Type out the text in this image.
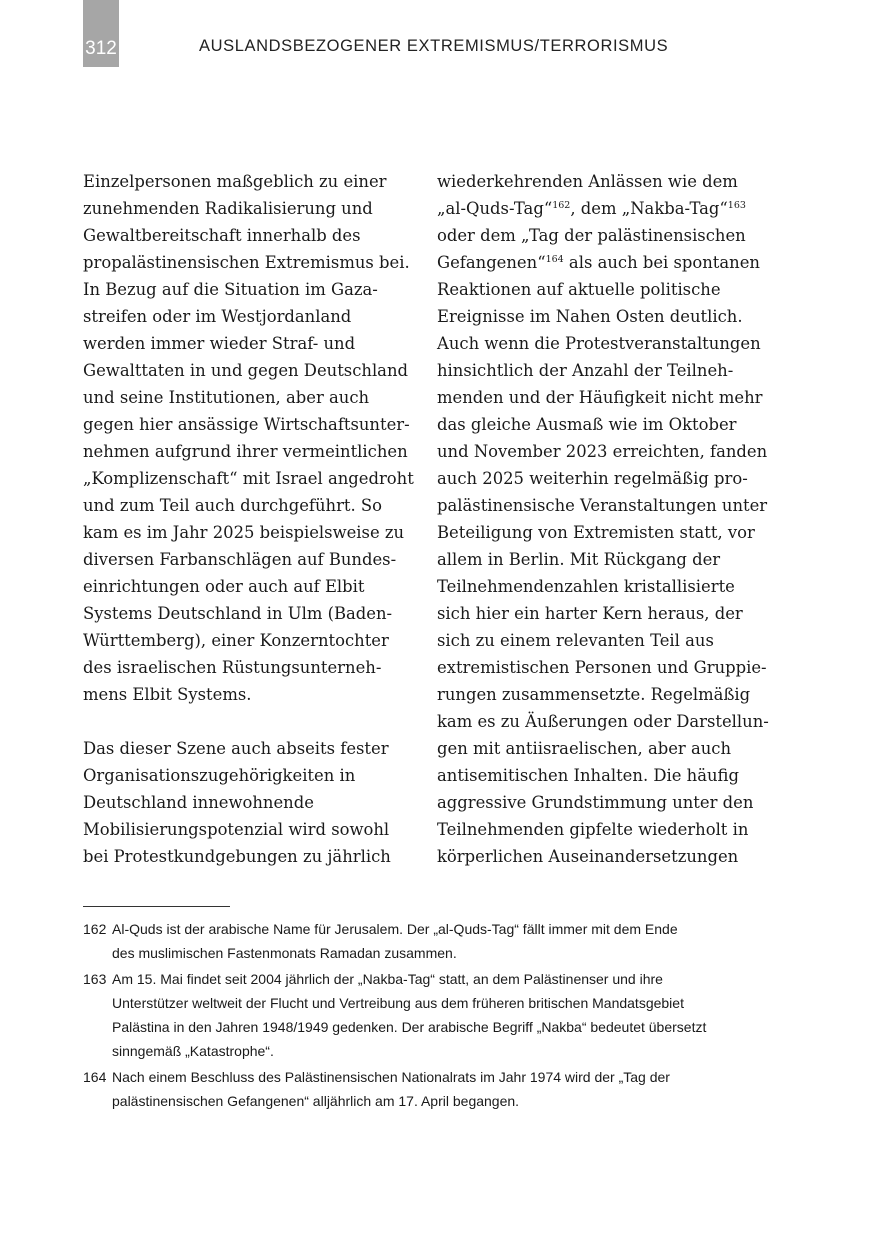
312	AUSLANDSBEZOGENER EXTREMISMUS/TERRORISMUS
Einzelpersonen maßgeblich zu einer
zunehmenden Radikalisierung und
Gewaltbereitschaft innerhalb des
propalästinensischen Extremismus bei.
In Bezug auf die Situation im Gaza-
streifen oder im Westjordanland
werden immer wieder Straf- und
Gewalttaten in und gegen Deutschland
und seine Institutionen, aber auch
gegen hier ansässige Wirtschaftsunter-
nehmen aufgrund ihrer vermeintlichen
„Komplizenschaft“ mit Israel angedroht
und zum Teil auch durchgeführt. So
kam es im Jahr 2025 beispielsweise zu
diversen Farbanschlägen auf Bundes-
einrichtungen oder auch auf Elbit
Systems Deutschland in Ulm (Baden-
Württemberg), einer Konzerntochter
des israelischen Rüstungsunterneh-
mens Elbit Systems.
Das dieser Szene auch abseits fester
Organisationszugehörigkeiten in
Deutschland innewohnende
Mobilisierungspotenzial wird sowohl
bei Protestkundgebungen zu jährlich
wiederkehrenden Anlässen wie dem
„al-Quds-Tag“$^{162}$, dem „Nakba-Tag“$^{163}$
oder dem „Tag der palästinensischen
Gefangenen“$^{164}$ als auch bei spontanen
Reaktionen auf aktuelle politische
Ereignisse im Nahen Osten deutlich.
Auch wenn die Protestveranstaltungen
hinsichtlich der Anzahl der Teilneh-
menden und der Häufigkeit nicht mehr
das gleiche Ausmaß wie im Oktober
und November 2023 erreichten, fanden
auch 2025 weiterhin regelmäßig pro-
palästinensische Veranstaltungen unter
Beteiligung von Extremisten statt, vor
allem in Berlin. Mit Rückgang der
Teilnehmendenzahlen kristallisierte
sich hier ein harter Kern heraus, der
sich zu einem relevanten Teil aus
extremistischen Personen und Gruppie-
rungen zusammensetzte. Regelmäßig
kam es zu Äußerungen oder Darstellun-
gen mit antiisraelischen, aber auch
antisemitischen Inhalten. Die häufig
aggressive Grundstimmung unter den
Teilnehmenden gipfelte wiederholt in
körperlichen Auseinandersetzungen
162 Al-Quds ist der arabische Name für Jerusalem. Der „al-Quds-Tag“ fällt immer mit dem Ende
des muslimischen Fastenmonats Ramadan zusammen.
163 Am 15. Mai findet seit 2004 jährlich der „Nakba-Tag“ statt, an dem Palästinenser und ihre
Unterstützer weltweit der Flucht und Vertreibung aus dem früheren britischen Mandatsgebiet
Palästina in den Jahren 1948/1949 gedenken. Der arabische Begriff „Nakba“ bedeutet übersetzt
sinngemäß „Katastrophe“.
164 Nach einem Beschluss des Palästinensischen Nationalrats im Jahr 1974 wird der „Tag der
palästinensischen Gefangenen“ alljährlich am 17. April begangen.
